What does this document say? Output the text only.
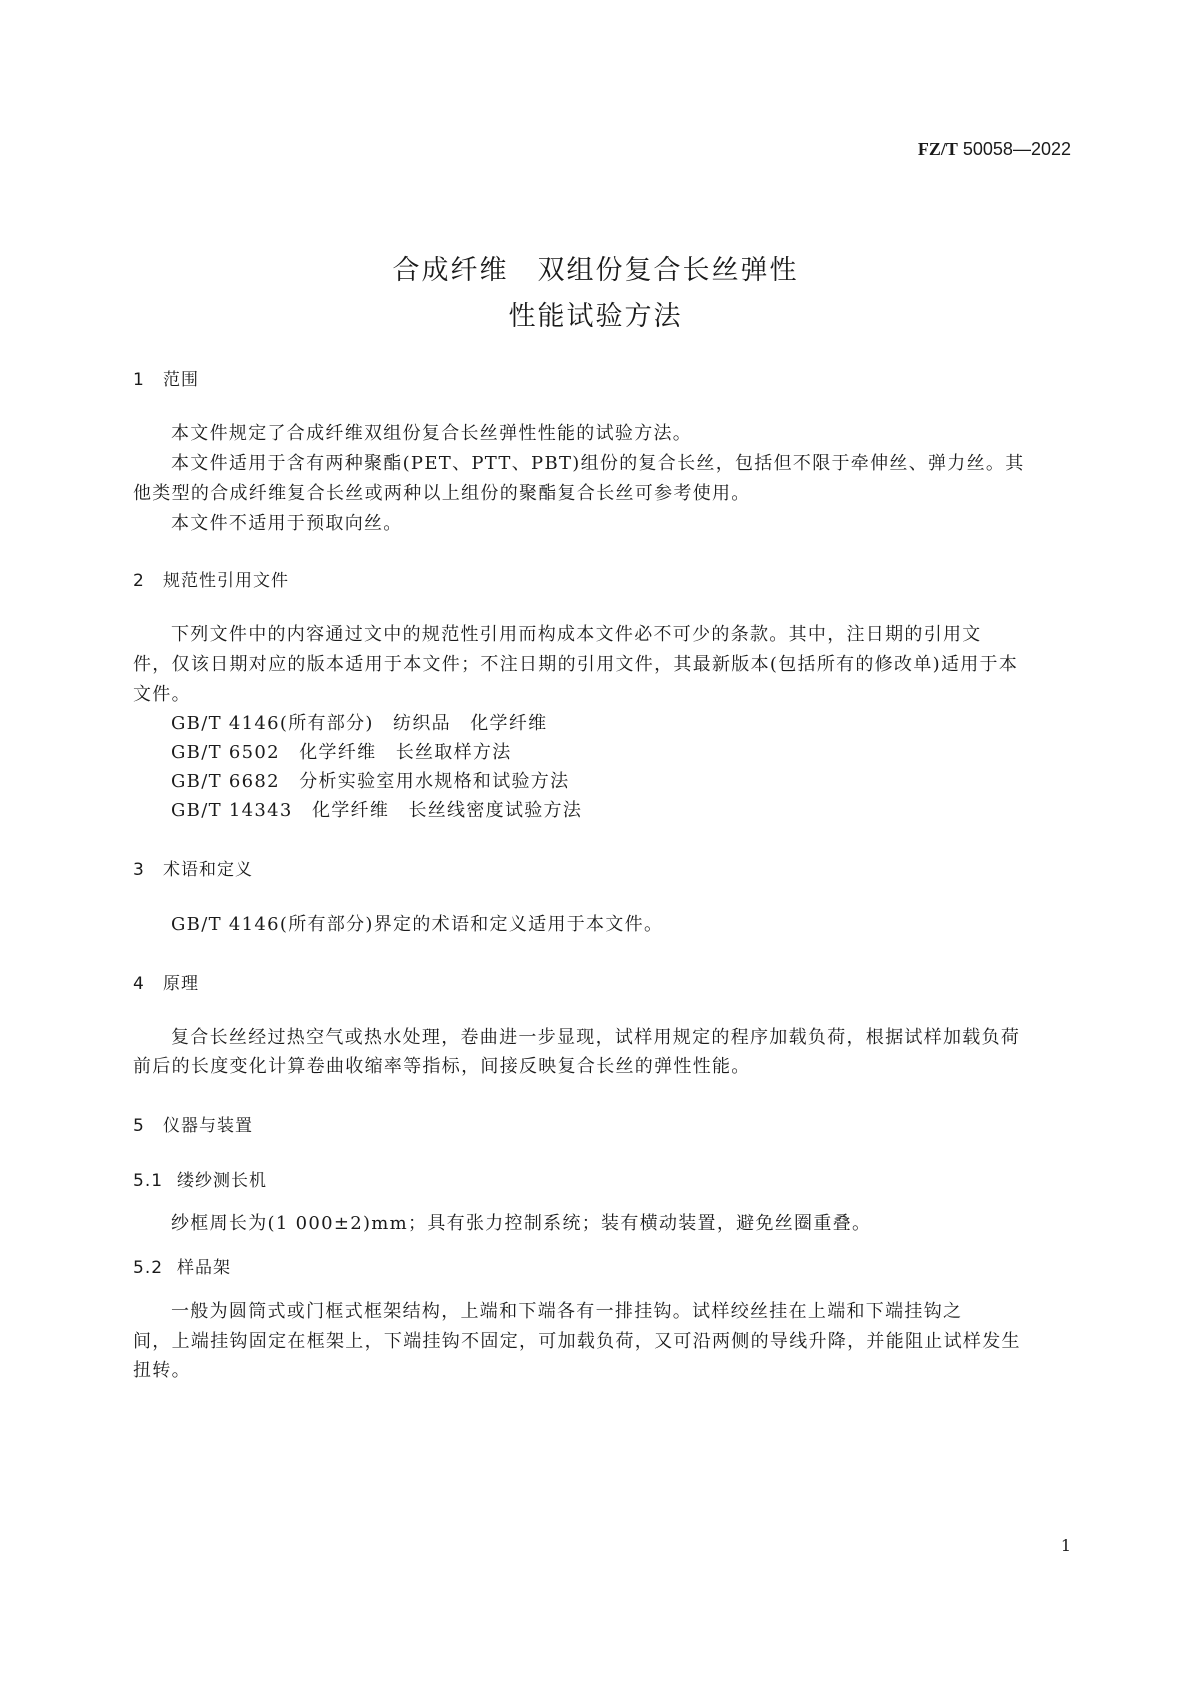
FZ/T 50058—2022
合成纤维　双组份复合长丝弹性
性能试验方法
1 范围
本文件规定了合成纤维双组份复合长丝弹性性能的试验方法。
本文件适用于含有两种聚酯(PET、PTT、PBT)组份的复合长丝，包括但不限于牵伸丝、弹力丝。其
他类型的合成纤维复合长丝或两种以上组份的聚酯复合长丝可参考使用。
本文件不适用于预取向丝。
2 规范性引用文件
下列文件中的内容通过文中的规范性引用而构成本文件必不可少的条款。其中，注日期的引用文
件，仅该日期对应的版本适用于本文件；不注日期的引用文件，其最新版本(包括所有的修改单)适用于本
文件。
GB/T 4146(所有部分)　纺织品　化学纤维
GB/T 6502　化学纤维　长丝取样方法
GB/T 6682　分析实验室用水规格和试验方法
GB/T 14343　化学纤维　长丝线密度试验方法
3 术语和定义
GB/T 4146(所有部分)界定的术语和定义适用于本文件。
4 原理
复合长丝经过热空气或热水处理，卷曲进一步显现，试样用规定的程序加载负荷，根据试样加载负荷
前后的长度变化计算卷曲收缩率等指标，间接反映复合长丝的弹性性能。
5 仪器与装置
5.1 缕纱测长机
纱框周长为(1 000±2)mm；具有张力控制系统；装有横动装置，避免丝圈重叠。
5.2 样品架
一般为圆筒式或门框式框架结构，上端和下端各有一排挂钩。试样绞丝挂在上端和下端挂钩之
间，上端挂钩固定在框架上，下端挂钩不固定，可加载负荷，又可沿两侧的导线升降，并能阻止试样发生
扭转。
1
